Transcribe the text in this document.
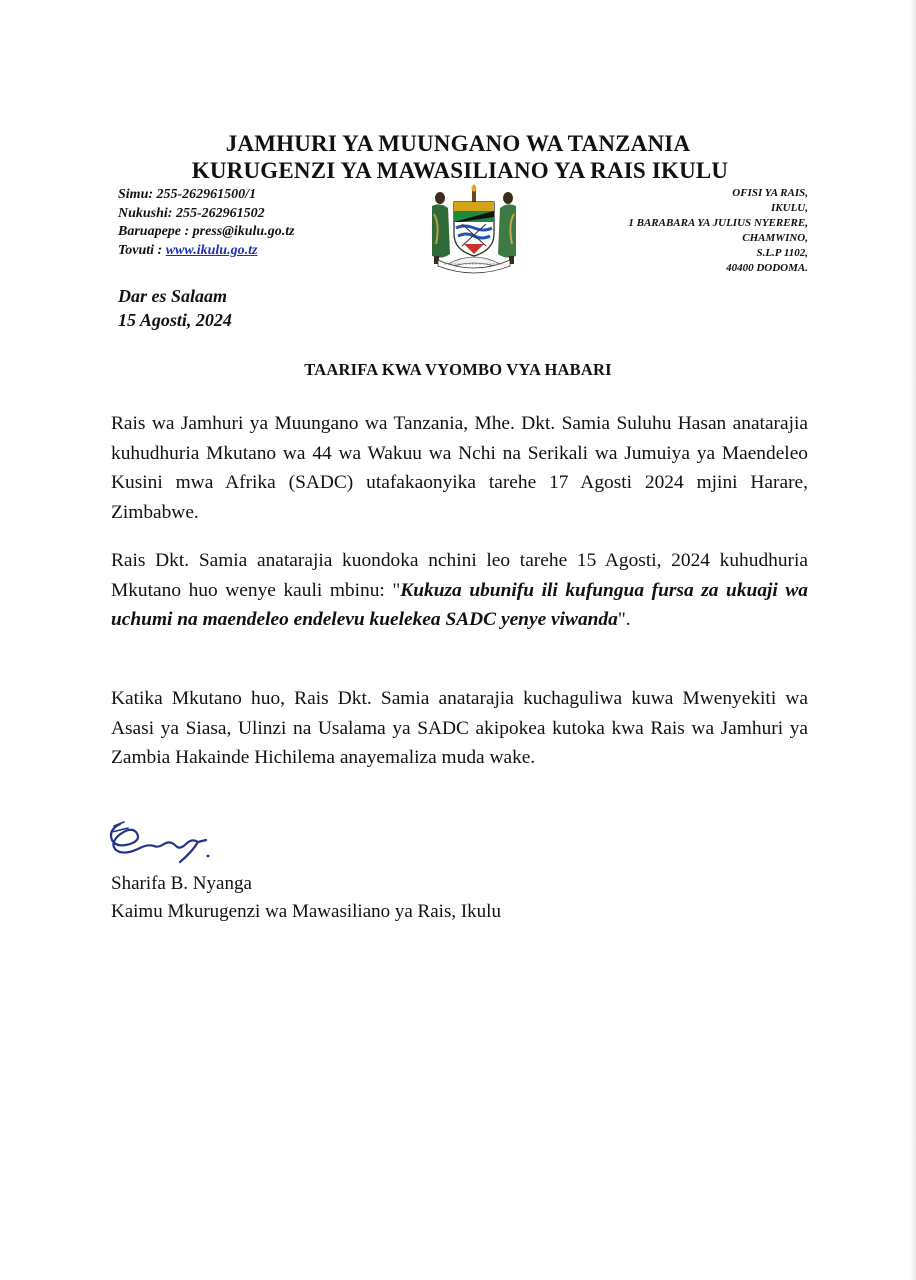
JAMHURI YA MUUNGANO WA TANZANIA
KURUGENZI YA MAWASILIANO YA RAIS IKULU
Simu: 255-262961500/1
Nukushi: 255-262961502
Baruapepe : press@ikulu.go.tz
Tovuti : www.ikulu.go.tz
OFISI YA RAIS,
IKULU,
1 BARABARA YA JULIUS NYERERE,
CHAMWINO,
S.L.P 1102,
40400 DODOMA.
Dar es Salaam
15 Agosti, 2024
TAARIFA KWA VYOMBO VYA HABARI
Rais wa Jamhuri ya Muungano wa Tanzania, Mhe. Dkt. Samia Suluhu Hasan anatarajia kuhudhuria Mkutano wa 44 wa Wakuu wa Nchi na Serikali wa Jumuiya ya Maendeleo Kusini mwa Afrika (SADC) utafakaonyika tarehe 17 Agosti 2024 mjini Harare, Zimbabwe.
Rais Dkt. Samia anatarajia kuondoka nchini leo tarehe 15 Agosti, 2024 kuhudhuria Mkutano huo wenye kauli mbinu: "Kukuza ubunifu ili kufungua fursa za ukuaji wa uchumi na maendeleo endelevu kuelekea SADC yenye viwanda".
Katika Mkutano huo, Rais Dkt. Samia anatarajia kuchaguliwa kuwa Mwenyekiti wa Asasi ya Siasa, Ulinzi na Usalama ya SADC akipokea kutoka kwa Rais wa Jamhuri ya Zambia Hakainde Hichilema anayemaliza muda wake.
Sharifa B. Nyanga
Kaimu Mkurugenzi wa Mawasiliano ya Rais, Ikulu
